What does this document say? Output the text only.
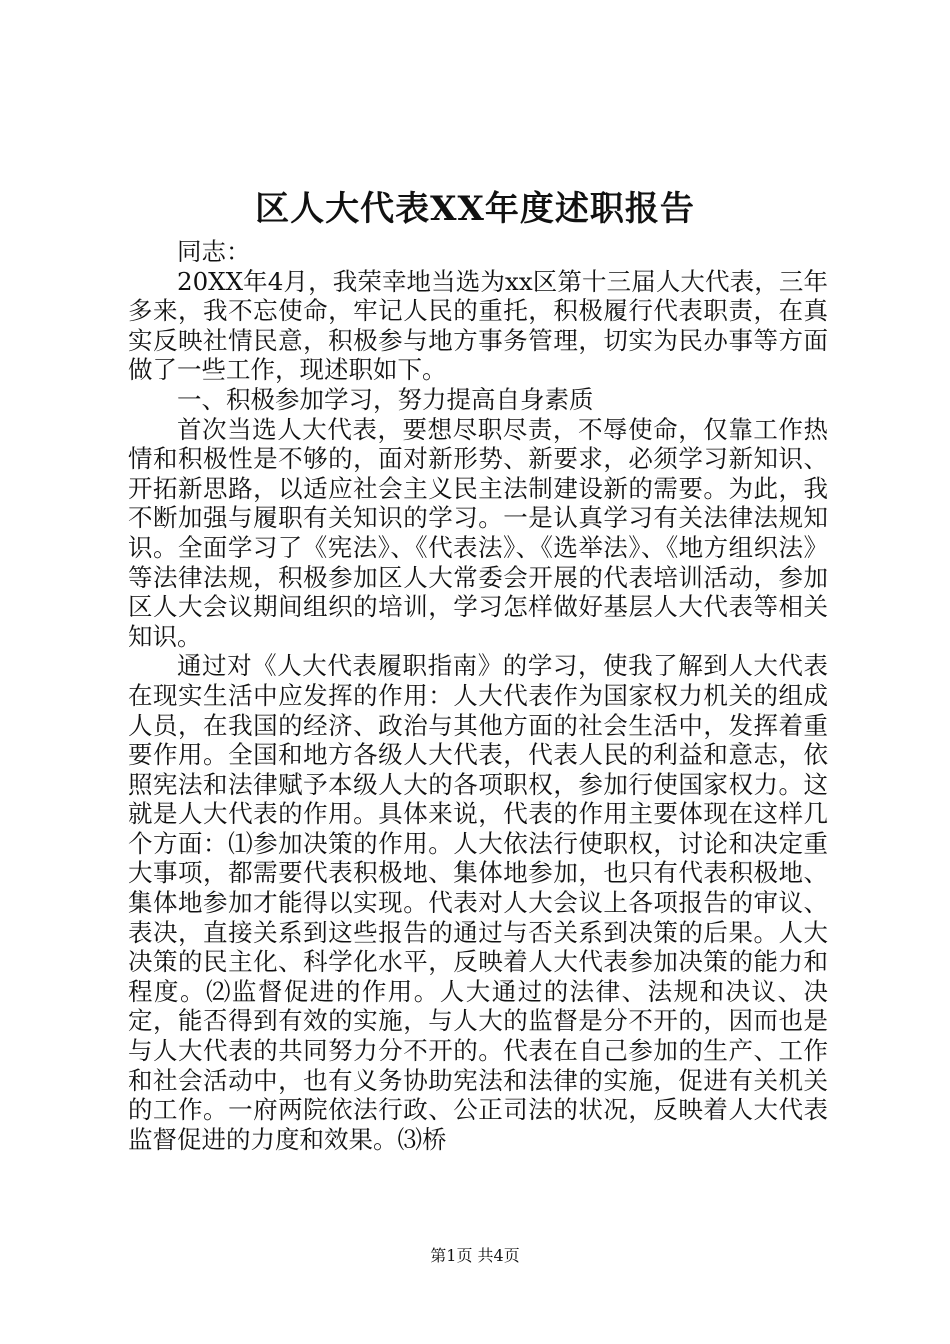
区人大代表XX年度述职报告

同志：

20XX年4月，我荣幸地当选为xx区第十三届人大代表，三年多来，我不忘使命，牢记人民的重托，积极履行代表职责，在真实反映社情民意，积极参与地方事务管理，切实为民办事等方面做了一些工作，现述职如下。

一、积极参加学习，努力提高自身素质

首次当选人大代表，要想尽职尽责，不辱使命，仅靠工作热情和积极性是不够的，面对新形势、新要求，必须学习新知识、开拓新思路，以适应社会主义民主法制建设新的需要。为此，我不断加强与履职有关知识的学习。一是认真学习有关法律法规知识。全面学习了《宪法》、《代表法》、《选举法》、《地方组织法》等法律法规，积极参加区人大常委会开展的代表培训活动，参加区人大会议期间组织的培训，学习怎样做好基层人大代表等相关知识。

通过对《人大代表履职指南》的学习，使我了解到人大代表在现实生活中应发挥的作用：人大代表作为国家权力机关的组成人员，在我国的经济、政治与其他方面的社会生活中，发挥着重要作用。全国和地方各级人大代表，代表人民的利益和意志，依照宪法和法律赋予本级人大的各项职权，参加行使国家权力。这就是人大代表的作用。具体来说，代表的作用主要体现在这样几个方面：⑴参加决策的作用。人大依法行使职权，讨论和决定重大事项，都需要代表积极地、集体地参加，也只有代表积极地、集体地参加才能得以实现。代表对人大会议上各项报告的审议、表决，直接关系到这些报告的通过与否关系到决策的后果。人大决策的民主化、科学化水平，反映着人大代表参加决策的能力和程度。⑵监督促进的作用。人大通过的法律、法规和决议、决定，能否得到有效的实施，与人大的监督是分不开的，因而也是与人大代表的共同努力分不开的。代表在自己参加的生产、工作和社会活动中，也有义务协助宪法和法律的实施，促进有关机关的工作。一府两院依法行政、公正司法的状况，反映着人大代表监督促进的力度和效果。⑶桥

第1页 共4页
